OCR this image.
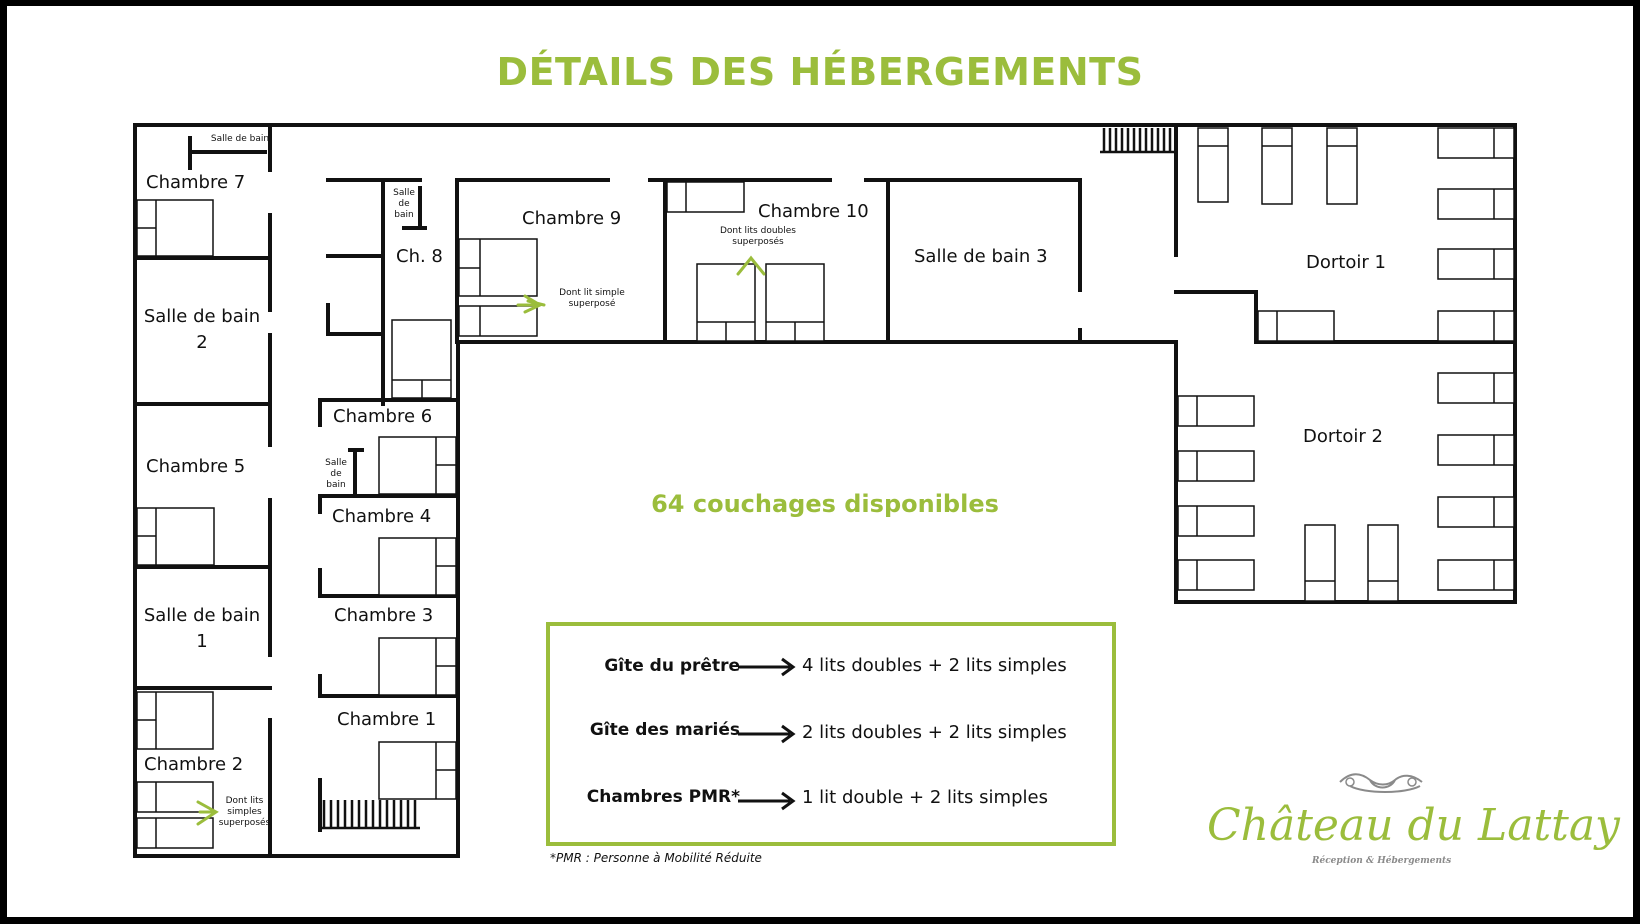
DÉTAILS DES HÉBERGEMENTS
Chambre 7
Salle de bain
Salle de bain 2
Chambre 5
Salle de bain 1
Chambre 2
Dont lits simples superposés
Ch. 8
Salle de bain
Chambre 6
Salle de bain
Chambre 4
Chambre 3
Chambre 1
Chambre 9
Dont lit simple superposé
Chambre 10
Dont lits doubles superposés
Salle de bain 3	Dortoir 1
Dortoir 2
64 couchages disponibles
Gîte du prêtre	4 lits doubles + 2 lits simples
Gîte des mariés	2 lits doubles + 2 lits simples
Chambres PMR*	1 lit double + 2 lits simples
*PMR : Personne à Mobilité Réduite
Château du Lattay
Réception & Hébergements
